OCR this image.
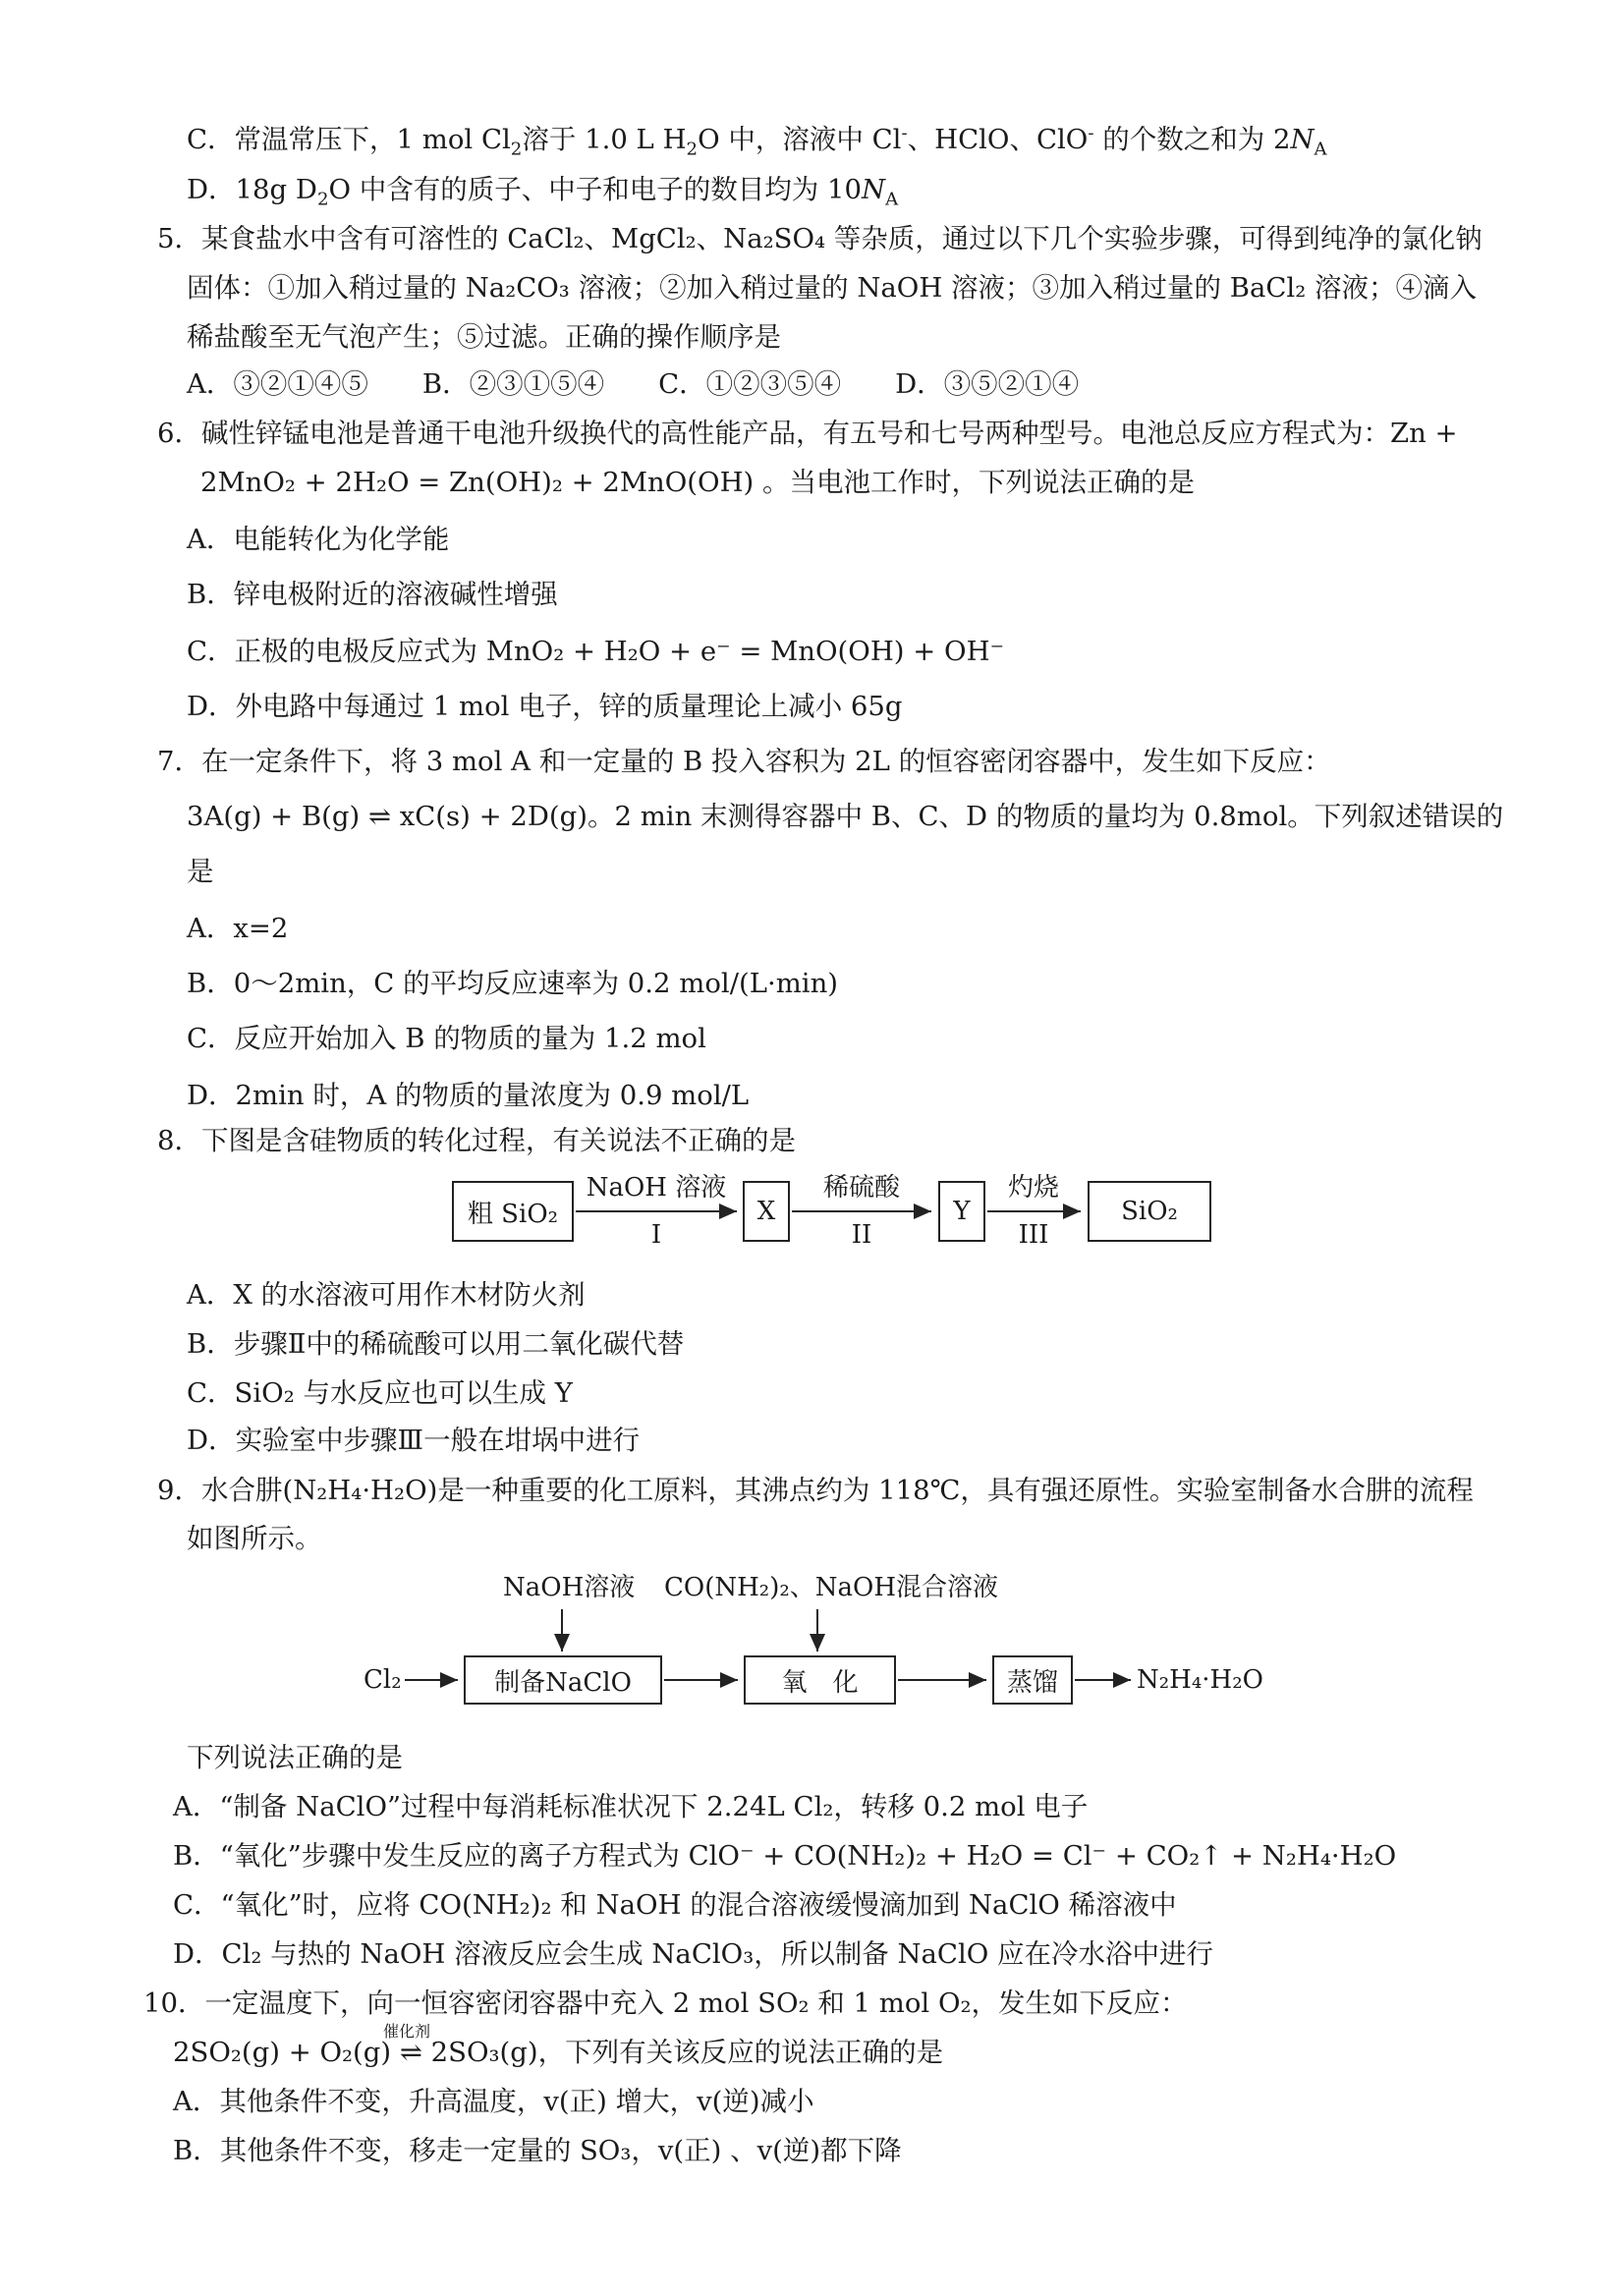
C．常温常压下，1 mol $Cl_2$溶于 1.0 L $H_2O$ 中，溶液中 Cl-、HClO、ClO- 的个数之和为 $2N_A$
D．18g $D_2O$ 中含有的质子、中子和电子的数目均为 $10N_A$
5．某食盐水中含有可溶性的 CaCl₂、MgCl₂、Na₂SO₄ 等杂质，通过以下几个实验步骤，可得到纯净的氯化钠
固体：①加入稍过量的 Na₂CO₃ 溶液；②加入稍过量的 NaOH 溶液；③加入稍过量的 BaCl₂ 溶液；④滴入
稀盐酸至无气泡产生；⑤过滤。正确的操作顺序是
A．③②①④⑤　　B．②③①⑤④　　C．①②③⑤④　　D．③⑤②①④
6．碱性锌锰电池是普通干电池升级换代的高性能产品，有五号和七号两种型号。电池总反应方程式为：Zn +
2MnO₂ + 2H₂O = Zn(OH)₂ + 2MnO(OH) 。当电池工作时，下列说法正确的是
A．电能转化为化学能
B．锌电极附近的溶液碱性增强
C．正极的电极反应式为 MnO₂ + H₂O + e⁻ = MnO(OH) + OH⁻
D．外电路中每通过 1 mol 电子，锌的质量理论上减小 65g
7．在一定条件下，将 3 mol A 和一定量的 B 投入容积为 2L 的恒容密闭容器中，发生如下反应：
3A(g) + B(g) ⇌ xC(s) + 2D(g)。2 min 末测得容器中 B、C、D 的物质的量均为 0.8mol。下列叙述错误的
是
A．x=2
B．0～2min，C 的平均反应速率为 0.2 mol/(L·min)
C．反应开始加入 B 的物质的量为 1.2 mol
D．2min 时，A 的物质的量浓度为 0.9 mol/L
8．下图是含硅物质的转化过程，有关说法不正确的是
粗 SiO₂	X	Y	SiO₂
NaOH 溶液
I
稀硫酸
II
灼烧
III
A．X 的水溶液可用作木材防火剂
B．步骤Ⅱ中的稀硫酸可以用二氧化碳代替
C．SiO₂ 与水反应也可以生成 Y
D．实验室中步骤Ⅲ一般在坩埚中进行
9．水合肼(N₂H₄·H₂O)是一种重要的化工原料，其沸点约为 118℃，具有强还原性。实验室制备水合肼的流程
如图所示。
NaOH溶液 CO(NH₂)₂、NaOH混合溶液
Cl₂	制备NaClO	氧　化	蒸馏	N₂H₄·H₂O
下列说法正确的是
A．“制备 NaClO”过程中每消耗标准状况下 2.24L Cl₂，转移 0.2 mol 电子
B．“氧化”步骤中发生反应的离子方程式为 ClO⁻ + CO(NH₂)₂ + H₂O = Cl⁻ + CO₂↑ + N₂H₄·H₂O
C．“氧化”时，应将 CO(NH₂)₂ 和 NaOH 的混合溶液缓慢滴加到 NaClO 稀溶液中
D．Cl₂ 与热的 NaOH 溶液反应会生成 NaClO₃，所以制备 NaClO 应在冷水浴中进行
10．一定温度下，向一恒容密闭容器中充入 2 mol SO₂ 和 1 mol O₂，发生如下反应：
2SO₂(g) + O₂(g) ⇌ 2SO₃(g)，下列有关该反应的说法正确的是
催化剂
A．其他条件不变，升高温度，v(正) 增大，v(逆)减小
B．其他条件不变，移走一定量的 SO₃，v(正) 、v(逆)都下降
